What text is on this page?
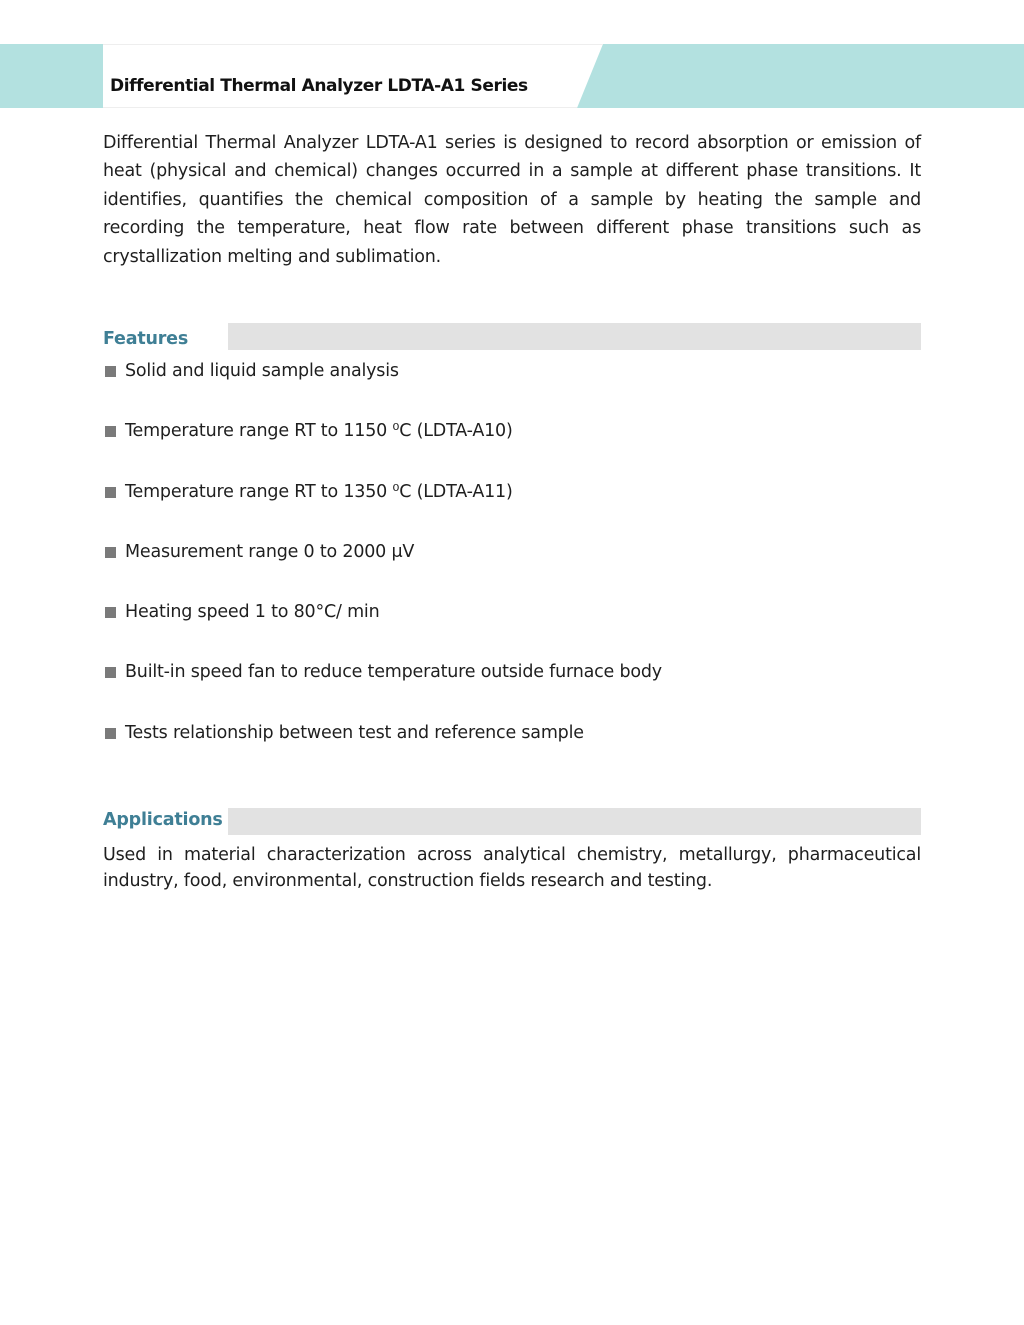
Differential Thermal Analyzer LDTA-A1 Series

Differential Thermal Analyzer LDTA-A1 series is designed to record absorption or emission of heat (physical and chemical) changes occurred in a sample at different phase transitions. It identifies, quantifies the chemical composition of a sample by heating the sample and recording the temperature, heat flow rate between different phase transitions such as crystallization melting and sublimation.

Features
Solid and liquid sample analysis
Temperature range RT to 1150 ⁰C (LDTA-A10)
Temperature range RT to 1350 ⁰C (LDTA-A11)
Measurement range 0 to 2000 μV
Heating speed 1 to 80°C/ min
Built-in speed fan to reduce temperature outside furnace body
Tests relationship between test and reference sample
Applications

Used in material characterization across analytical chemistry, metallurgy, pharmaceutical industry, food, environmental, construction fields research and testing.
